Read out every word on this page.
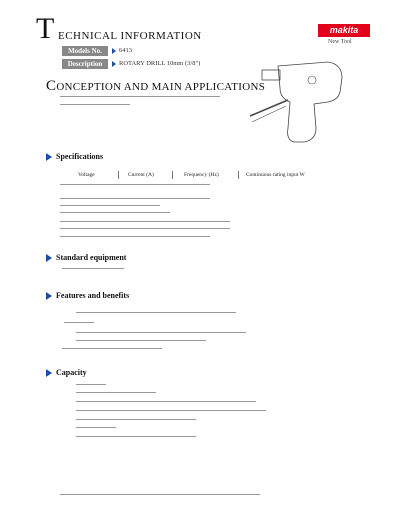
T ECHNICAL INFORMATION	makita
New Tool
Models No.	6413
Description	ROTARY DRILL 10mm (3/8")
CONCEPTION AND MAIN APPLICATIONS
Specifications
Voltage	Current (A)	Frequency (Hz)	Continuous rating input W
Standard equipment
Features and benefits
Capacity
